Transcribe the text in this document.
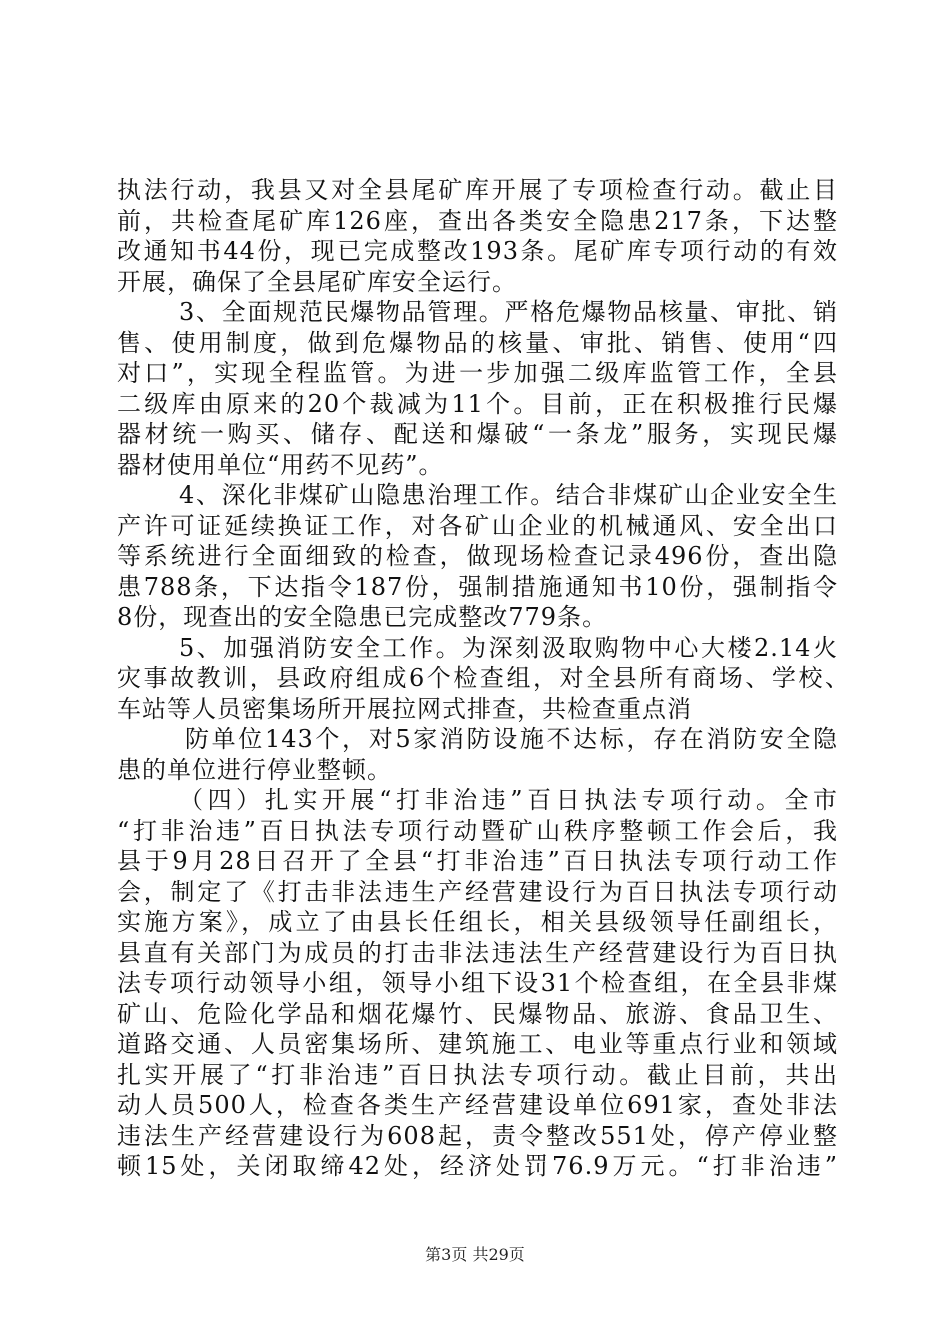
执法行动，我县又对全县尾矿库开展了专项检查行动。截止目
前，共检查尾矿库126座，查出各类安全隐患217条，下达整
改通知书44份，现已完成整改193条。尾矿库专项行动的有效
开展，确保了全县尾矿库安全运行。
3、全面规范民爆物品管理。严格危爆物品核量、审批、销
售、使用制度，做到危爆物品的核量、审批、销售、使用“四
对口”，实现全程监管。为进一步加强二级库监管工作，全县
二级库由原来的20个裁减为11个。目前，正在积极推行民爆
器材统一购买、储存、配送和爆破“一条龙”服务，实现民爆
器材使用单位“用药不见药”。
4、深化非煤矿山隐患治理工作。结合非煤矿山企业安全生
产许可证延续换证工作，对各矿山企业的机械通风、安全出口
等系统进行全面细致的检查，做现场检查记录496份，查出隐
患788条，下达指令187份，强制措施通知书10份，强制指令
8份，现查出的安全隐患已完成整改779条。
5、加强消防安全工作。为深刻汲取购物中心大楼2.14火
灾事故教训，县政府组成6个检查组，对全县所有商场、学校、
车站等人员密集场所开展拉网式排查，共检查重点消
防单位143个，对5家消防设施不达标，存在消防安全隐
患的单位进行停业整顿。
（四）扎实开展“打非治违”百日执法专项行动。全市
“打非治违”百日执法专项行动暨矿山秩序整顿工作会后，我
县于9月28日召开了全县“打非治违”百日执法专项行动工作
会，制定了《打击非法违生产经营建设行为百日执法专项行动
实施方案》，成立了由县长任组长，相关县级领导任副组长，
县直有关部门为成员的打击非法违法生产经营建设行为百日执
法专项行动领导小组，领导小组下设31个检查组，在全县非煤
矿山、危险化学品和烟花爆竹、民爆物品、旅游、食品卫生、
道路交通、人员密集场所、建筑施工、电业等重点行业和领域
扎实开展了“打非治违”百日执法专项行动。截止目前，共出
动人员500人，检查各类生产经营建设单位691家，查处非法
违法生产经营建设行为608起，责令整改551处，停产停业整
顿15处，关闭取缔42处，经济处罚76.9万元。“打非治违”
第3页 共29页
